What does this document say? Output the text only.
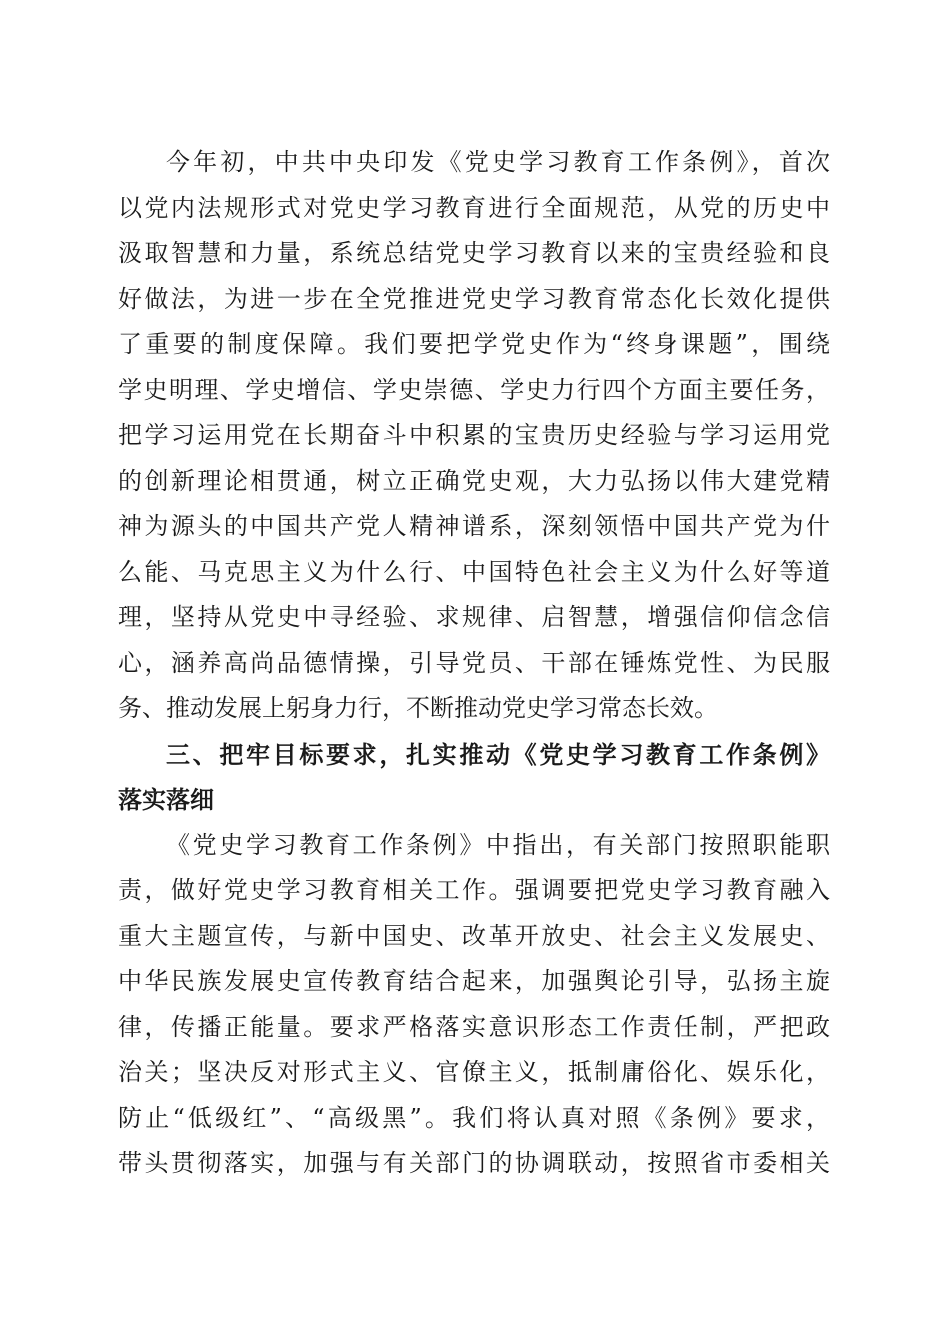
今年初，中共中央印发《党史学习教育工作条例》，首次
以党内法规形式对党史学习教育进行全面规范，从党的历史中
汲取智慧和力量，系统总结党史学习教育以来的宝贵经验和良
好做法，为进一步在全党推进党史学习教育常态化长效化提供
了重要的制度保障。我们要把学党史作为“终身课题”，围绕
学史明理、学史增信、学史崇德、学史力行四个方面主要任务，
把学习运用党在长期奋斗中积累的宝贵历史经验与学习运用党
的创新理论相贯通，树立正确党史观，大力弘扬以伟大建党精
神为源头的中国共产党人精神谱系，深刻领悟中国共产党为什
么能、马克思主义为什么行、中国特色社会主义为什么好等道
理，坚持从党史中寻经验、求规律、启智慧，增强信仰信念信
心，涵养高尚品德情操，引导党员、干部在锤炼党性、为民服
务、推动发展上躬身力行，不断推动党史学习常态长效。
三、把牢目标要求，扎实推动《党史学习教育工作条例》
落实落细
《党史学习教育工作条例》中指出，有关部门按照职能职
责，做好党史学习教育相关工作。强调要把党史学习教育融入
重大主题宣传，与新中国史、改革开放史、社会主义发展史、
中华民族发展史宣传教育结合起来，加强舆论引导，弘扬主旋
律，传播正能量。要求严格落实意识形态工作责任制，严把政
治关；坚决反对形式主义、官僚主义，抵制庸俗化、娱乐化，
防止“低级红”、“高级黑”。我们将认真对照《条例》要求，
带头贯彻落实，加强与有关部门的协调联动，按照省市委相关
